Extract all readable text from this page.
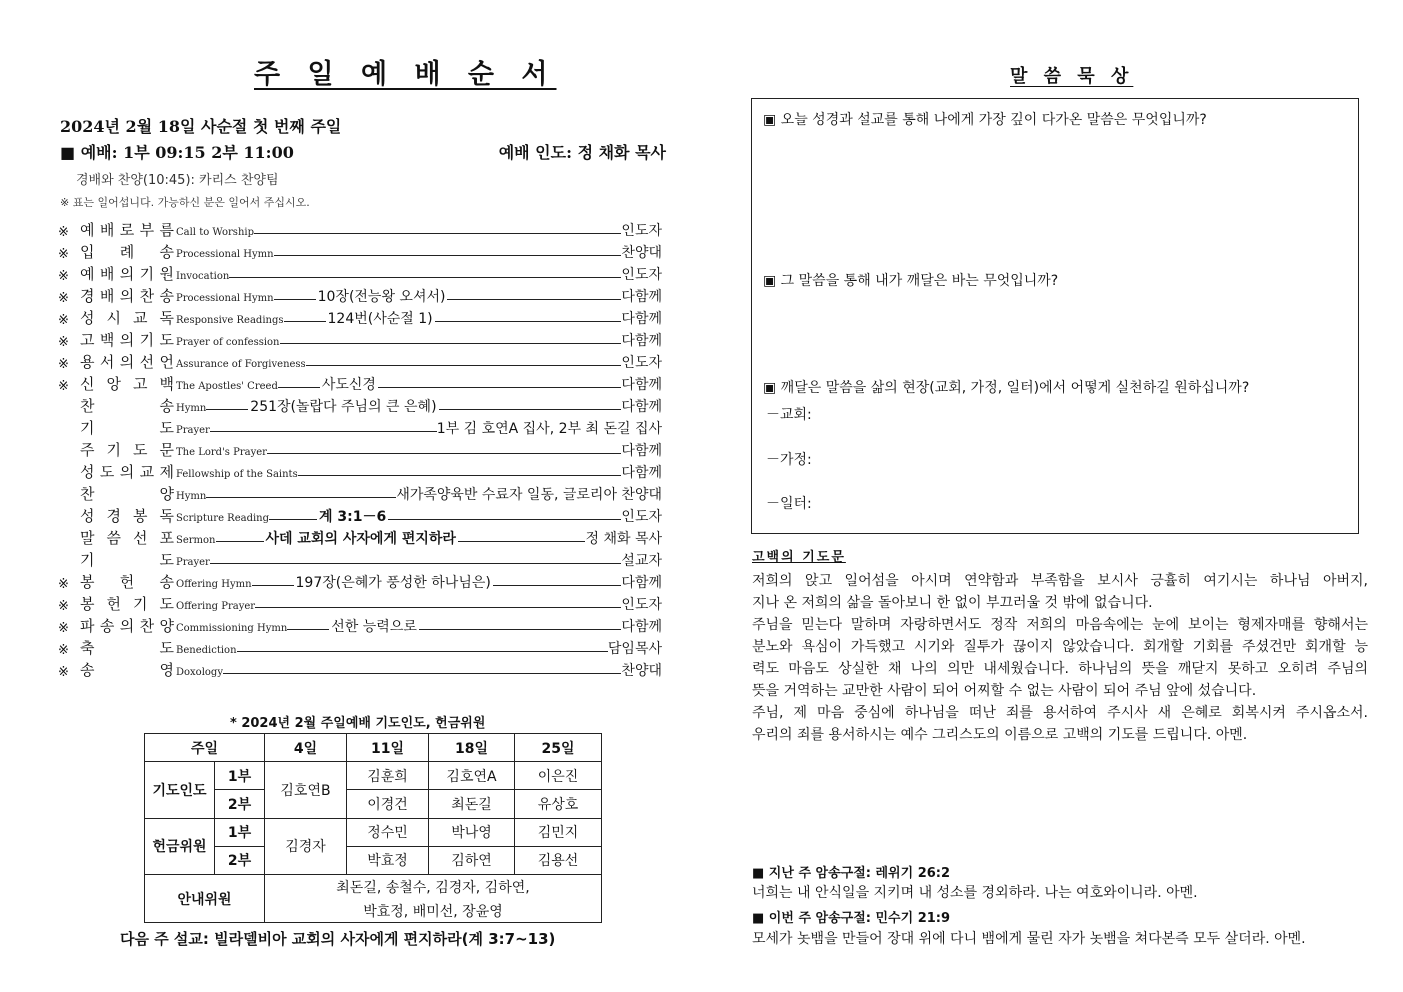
주 일 예 배 순 서
2024년 2월 18일 사순절 첫 번째 주일
■ 예배: 1부 09:15 2부 11:00	예배 인도: 정 채화 목사
경배와 찬양(10:45): 카리스 찬양팀
※ 표는 일어섭니다. 가능하신 분은 일어서 주십시오.
※ 예 배 로 부 름 Call to Worship	인도자
※ 입 례 송 Processional Hymn	찬양대
※ 예 배 의 기 원 Invocation	인도자
※ 경 배 의 찬 송 Processional Hymn	10장(전능왕 오셔서)	다함께
※ 성 시 교 독 Responsive Readings	124번(사순절 1)	다함께
※ 고 백 의 기 도 Prayer of confession	다함께
※ 용 서 의 선 언 Assurance of Forgiveness	인도자
※ 신 앙 고 백 The Apostles' Creed	사도신경	다함께
찬	송 Hymn	251장(놀랍다 주님의 큰 은혜)	다함께
기	도 Prayer	1부 김 호연A 집사, 2부 최 돈길 집사
주 기 도 문 The Lord's Prayer	다함께
성 도 의 교 제 Fellowship of the Saints	다함께
찬	양 Hymn	새가족양육반 수료자 일동, 글로리아 찬양대
성 경 봉 독 Scripture Reading	계 3:1－6	인도자
말 씀 선 포 Sermon	사데 교회의 사자에게 편지하라	정 채화 목사
기	도 Prayer	설교자
※ 봉 헌 송 Offering Hymn	197장(은혜가 풍성한 하나님은)	다함께
※ 봉 헌 기 도 Offering Prayer	인도자
※ 파 송 의 찬 양 Commissioning Hymn	선한 능력으로	다함께
※ 축	도 Benediction	담임목사
※ 송	영 Doxology	찬양대
* 2024년 2월 주일예배 기도인도, 헌금위원
주일		4일	11일	18일	25일
기도인도	1부	김호연B	김훈희	김호연A	이은진
	2부		이경건	최돈길	유상호
헌금위원	1부	김경자	정수민	박나영	김민지
	2부		박효정	김하연	김용선
안내위원		최돈길, 송철수, 김경자, 김하연,
박효정, 배미선, 장윤영			
다음 주 설교: 빌라델비아 교회의 사자에게 편지하라(계 3:7~13)
말 씀 묵 상
▣ 오늘 성경과 설교를 통해 나에게 가장 깊이 다가온 말씀은 무엇입니까?
▣ 그 말씀을 통해 내가 깨달은 바는 무엇입니까?
▣ 깨달은 말씀을 삶의 현장(교회, 가정, 일터)에서 어떻게 실천하길 원하십니까?
－교회:
－가정:
－일터:
고백의 기도문

저희의 앉고 일어섬을 아시며 연약함과 부족함을 보시사 긍휼히 여기시는 하나님 아버지,

지나 온 저희의 삶을 돌아보니 한 없이 부끄러울 것 밖에 없습니다.

주님을 믿는다 말하며 자랑하면서도 정작 저희의 마음속에는 눈에 보이는 형제자매를 향해서는

분노와 욕심이 가득했고 시기와 질투가 끊이지 않았습니다. 회개할 기회를 주셨건만 회개할 능

력도 마음도 상실한 채 나의 의만 내세웠습니다. 하나님의 뜻을 깨닫지 못하고 오히려 주님의

뜻을 거역하는 교만한 사람이 되어 어찌할 수 없는 사람이 되어 주님 앞에 섰습니다.

주님, 제 마음 중심에 하나님을 떠난 죄를 용서하여 주시사 새 은혜로 회복시켜 주시옵소서.

우리의 죄를 용서하시는 예수 그리스도의 이름으로 고백의 기도를 드립니다. 아멘.

■ 지난 주 암송구절: 레위기 26:2
너희는 내 안식일을 지키며 내 성소를 경외하라. 나는 여호와이니라. 아멘.
■ 이번 주 암송구절: 민수기 21:9
모세가 놋뱀을 만들어 장대 위에 다니 뱀에게 물린 자가 놋뱀을 쳐다본즉 모두 살더라. 아멘.
